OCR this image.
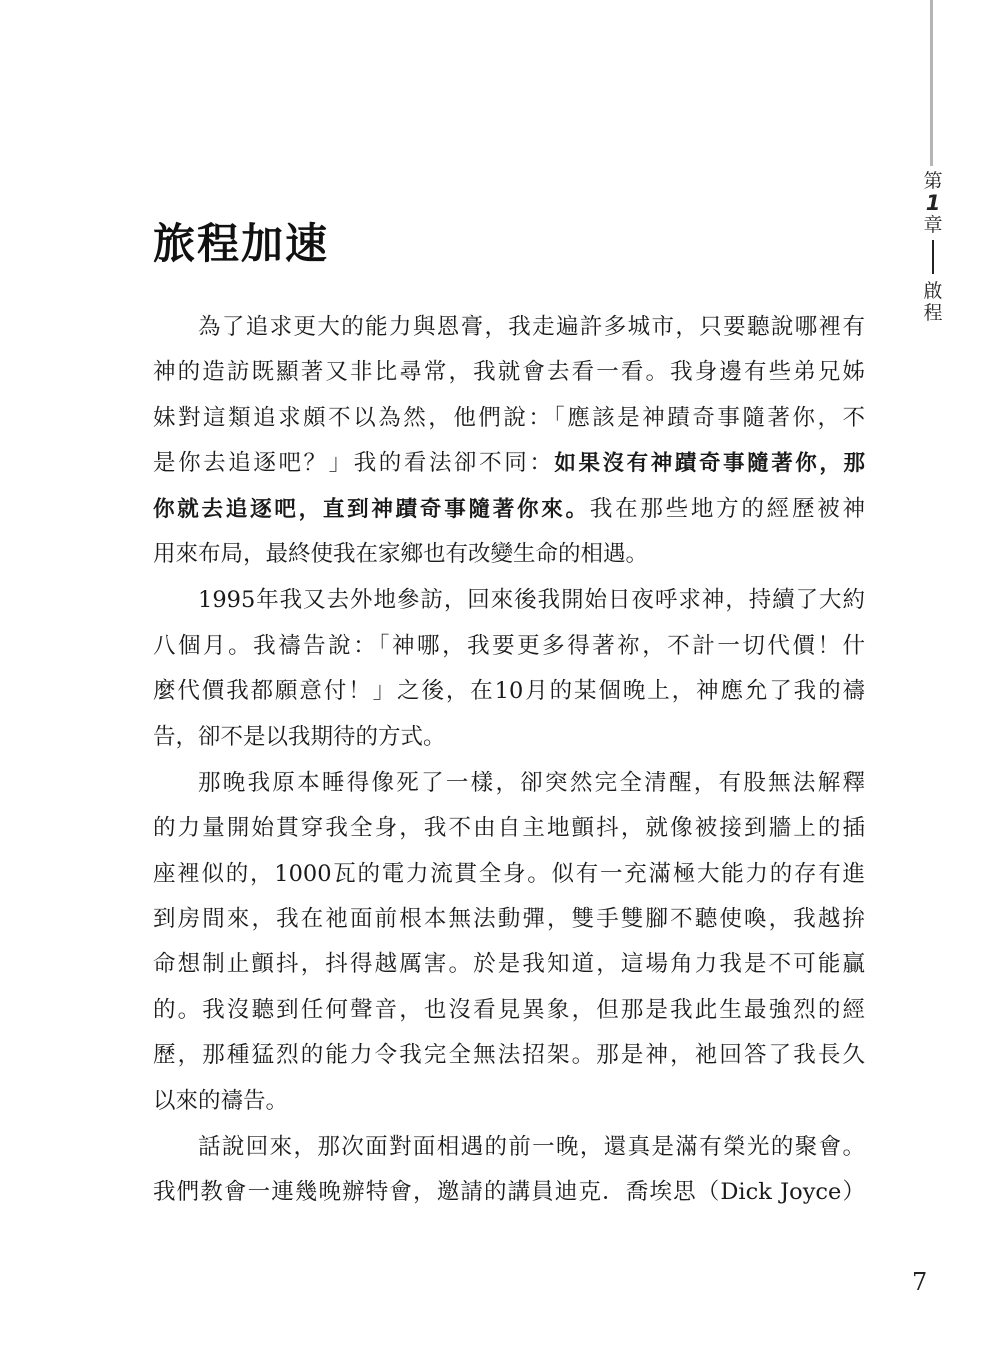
第
1
章
啟
程
旅程加速
為了追求更大的能力與恩膏，我走遍許多城市，只要聽說哪裡有
神的造訪既顯著又非比尋常，我就會去看一看。我身邊有些弟兄姊
妹對這類追求頗不以為然，他們說：「應該是神蹟奇事隨著你，不
是你去追逐吧？」我的看法卻不同：如果沒有神蹟奇事隨著你，那
你就去追逐吧，直到神蹟奇事隨著你來。我在那些地方的經歷被神
用來布局，最終使我在家鄉也有改變生命的相遇。
1995年我又去外地參訪，回來後我開始日夜呼求神，持續了大約
八個月。我禱告說：「神哪，我要更多得著祢，不計一切代價！什
麼代價我都願意付！」之後，在10月的某個晚上，神應允了我的禱
告，卻不是以我期待的方式。
那晚我原本睡得像死了一樣，卻突然完全清醒，有股無法解釋
的力量開始貫穿我全身，我不由自主地顫抖，就像被接到牆上的插
座裡似的，1000瓦的電力流貫全身。似有一充滿極大能力的存有進
到房間來，我在祂面前根本無法動彈，雙手雙腳不聽使喚，我越拚
命想制止顫抖，抖得越厲害。於是我知道，這場角力我是不可能贏
的。我沒聽到任何聲音，也沒看見異象，但那是我此生最強烈的經
歷，那種猛烈的能力令我完全無法招架。那是神，祂回答了我長久
以來的禱告。
話說回來，那次面對面相遇的前一晚，還真是滿有榮光的聚會。
我們教會一連幾晚辦特會，邀請的講員迪克．喬埃思（Dick Joyce）
7
